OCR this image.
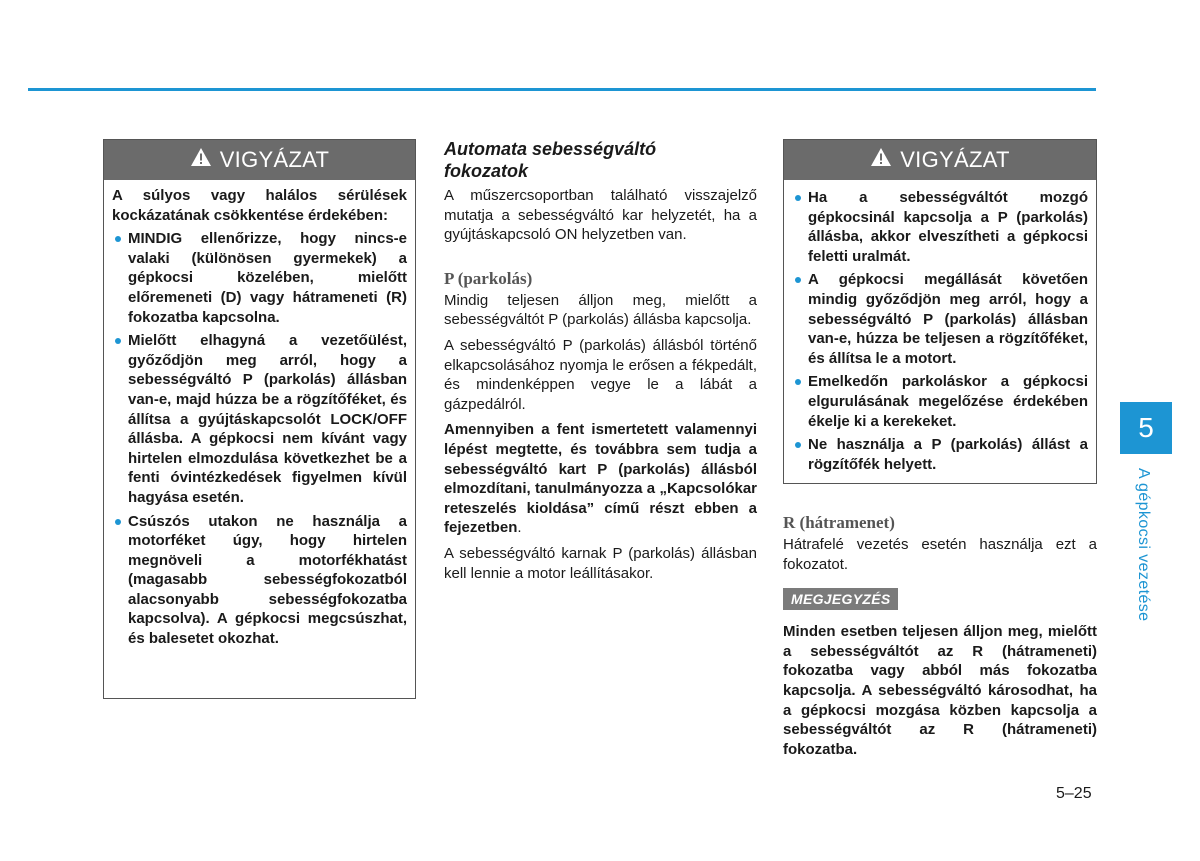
VIGYÁZAT

A súlyos vagy halálos sérülések kockázatának csökkentése érdekében:

MINDIG ellenőrizze, hogy nincs-e valaki (különösen gyermekek) a gépkocsi közelében, mielőtt előremeneti (D) vagy hátrameneti (R) fokozatba kapcsolna.
Mielőtt elhagyná a vezetőülést, győződjön meg arról, hogy a sebességváltó P (parkolás) állásban van-e, majd húzza be a rögzítőféket, és állítsa a gyújtáskapcsolót LOCK/OFF állásba. A gépkocsi nem kívánt vagy hirtelen elmozdulása következhet be a fenti óvintézkedések figyelmen kívül hagyása esetén.
Csúszós utakon ne használja a motorféket úgy, hogy hirtelen megnöveli a motorfékhatást (magasabb sebességfokozatból alacsonyabb sebességfokozatba kapcsolva). A gépkocsi megcsúszhat, és balesetet okozhat.
Automata sebességváltó fokozatok

A műszercsoportban található visszajelző mutatja a sebességváltó kar helyzetét, ha a gyújtáskapcsoló ON helyzetben van.

P (parkolás)

Mindig teljesen álljon meg, mielőtt a sebességváltót P (parkolás) állásba kapcsolja.

A sebességváltó P (parkolás) állásból történő elkapcsolásához nyomja le erősen a fékpedált, és mindenképpen vegye le a lábát a gázpedálról.

Amennyiben a fent ismertetett valamennyi lépést megtette, és továbbra sem tudja a sebességváltó kart P (parkolás) állásból elmozdítani, tanulmányozza a „Kapcsolókar reteszelés kioldása” című részt ebben a fejezetben.

A sebességváltó karnak P (parkolás) állásban kell lennie a motor leállításakor.

VIGYÁZAT
Ha a sebességváltót mozgó gépkocsinál kapcsolja a P (parkolás) állásba, akkor elveszítheti a gépkocsi feletti uralmát.
A gépkocsi megállását követően mindig győződjön meg arról, hogy a sebességváltó P (parkolás) állásban van-e, húzza be teljesen a rögzítőféket, és állítsa le a motort.
Emelkedőn parkoláskor a gépkocsi elgurulásának megelőzése érdekében ékelje ki a kerekeket.
Ne használja a P (parkolás) állást a rögzítőfék helyett.
R (hátramenet)

Hátrafelé vezetés esetén használja ezt a fokozatot.

MEGJEGYZÉS

Minden esetben teljesen álljon meg, mielőtt a sebességváltót az R (hátrameneti) fokozatba vagy abból más fokozatba kapcsolja. A sebességváltó károsodhat, ha a gépkocsi mozgása közben kapcsolja a sebességváltót az R (hátrameneti) fokozatba.

5
A gépkocsi vezetése
5–25
